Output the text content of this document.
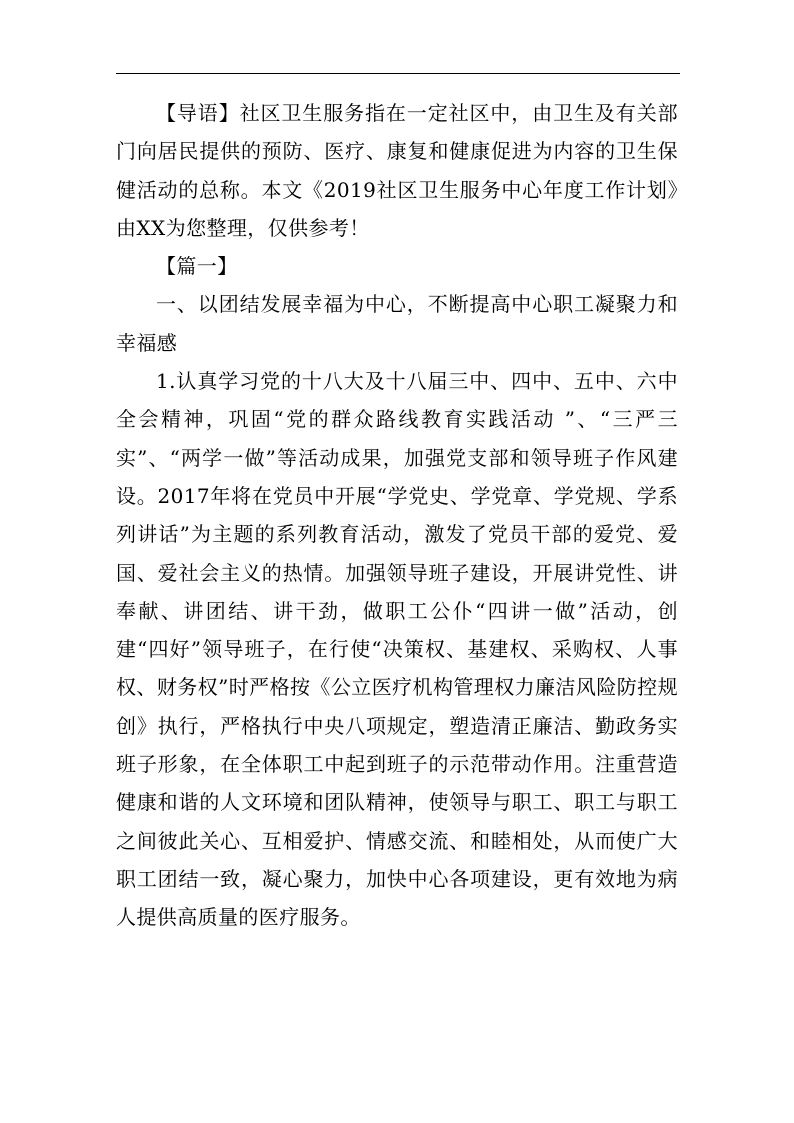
【导语】社区卫生服务指在一定社区中，由卫生及有关部门向居民提供的预防、医疗、康复和健康促进为内容的卫生保健活动的总称。本文《2019社区卫生服务中心年度工作计划》由XX为您整理，仅供参考！

【篇一】

一、以团结发展幸福为中心，不断提高中心职工凝聚力和幸福感

1.认真学习党的十八大及十八届三中、四中、五中、六中全会精神，巩固“党的群众路线教育实践活动 ”、“三严三实”、“两学一做”等活动成果，加强党支部和领导班子作风建设。2017年将在党员中开展“学党史、学党章、学党规、学系列讲话”为主题的系列教育活动，激发了党员干部的爱党、爱国、爱社会主义的热情。加强领导班子建设，开展讲党性、讲奉献、讲团结、讲干劲，做职工公仆“四讲一做”活动，创建“四好”领导班子，在行使“决策权、基建权、采购权、人事权、财务权”时严格按《公立医疗机构管理权力廉洁风险防控规创》执行，严格执行中央八项规定，塑造清正廉洁、勤政务实班子形象，在全体职工中起到班子的示范带动作用。注重营造健康和谐的人文环境和团队精神，使领导与职工、职工与职工之间彼此关心、互相爱护、情感交流、和睦相处，从而使广大职工团结一致，凝心聚力，加快中心各项建设，更有效地为病人提供高质量的医疗服务。
